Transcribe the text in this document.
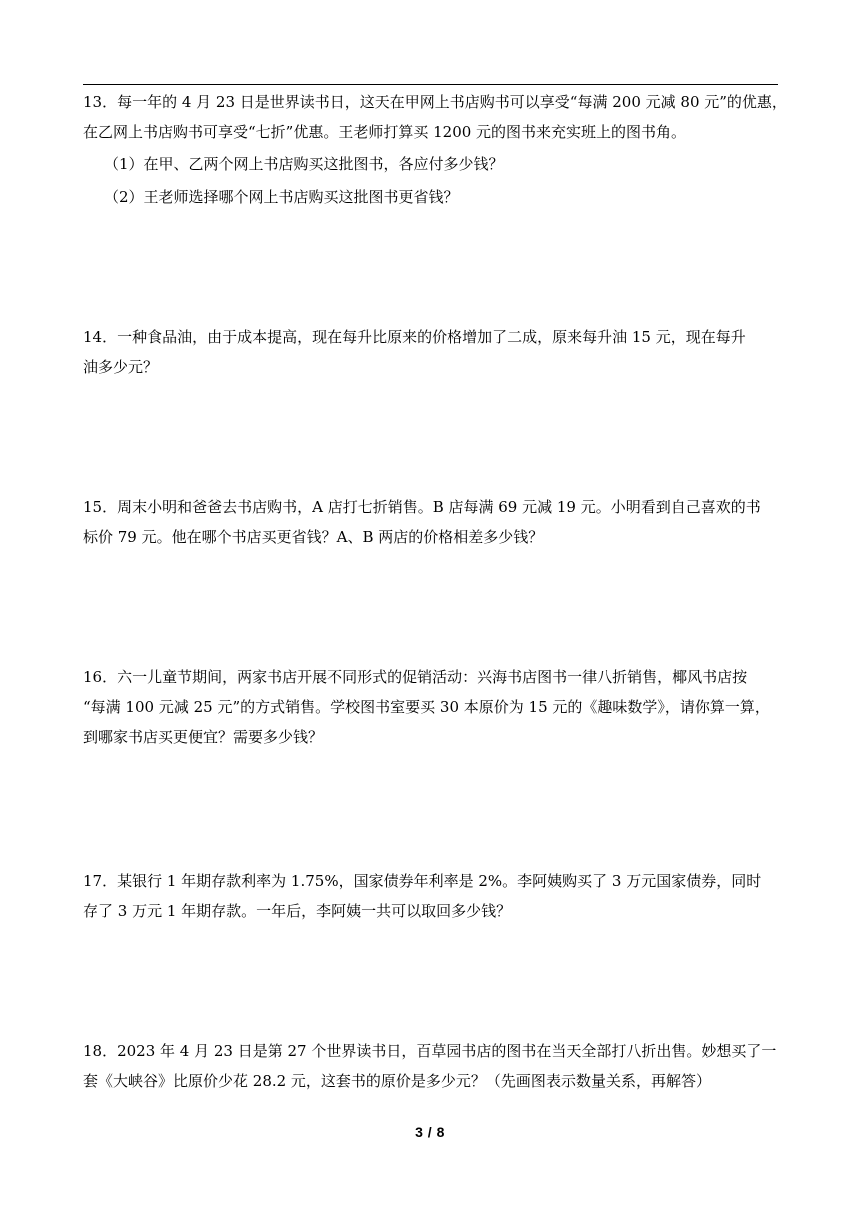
13．每一年的 4 月 23 日是世界读书日，这天在甲网上书店购书可以享受“每满 200 元减 80 元”的优惠，
在乙网上书店购书可享受“七折”优惠。王老师打算买 1200 元的图书来充实班上的图书角。
（1）在甲、乙两个网上书店购买这批图书，各应付多少钱？
（2）王老师选择哪个网上书店购买这批图书更省钱？
14．一种食品油，由于成本提高，现在每升比原来的价格增加了二成，原来每升油 15 元，现在每升
油多少元？
15．周末小明和爸爸去书店购书，A 店打七折销售。B 店每满 69 元减 19 元。小明看到自己喜欢的书
标价 79 元。他在哪个书店买更省钱？A、B 两店的价格相差多少钱？
16．六一儿童节期间，两家书店开展不同形式的促销活动：兴海书店图书一律八折销售，椰风书店按
“每满 100 元减 25 元”的方式销售。学校图书室要买 30 本原价为 15 元的《趣味数学》，请你算一算，
到哪家书店买更便宜？需要多少钱？
17．某银行 1 年期存款利率为 1.75%，国家债券年利率是 2%。李阿姨购买了 3 万元国家债券，同时
存了 3 万元 1 年期存款。一年后，李阿姨一共可以取回多少钱？
18．2023 年 4 月 23 日是第 27 个世界读书日，百草园书店的图书在当天全部打八折出售。妙想买了一
套《大峡谷》比原价少花 28.2 元，这套书的原价是多少元？（先画图表示数量关系，再解答）
3 / 8
